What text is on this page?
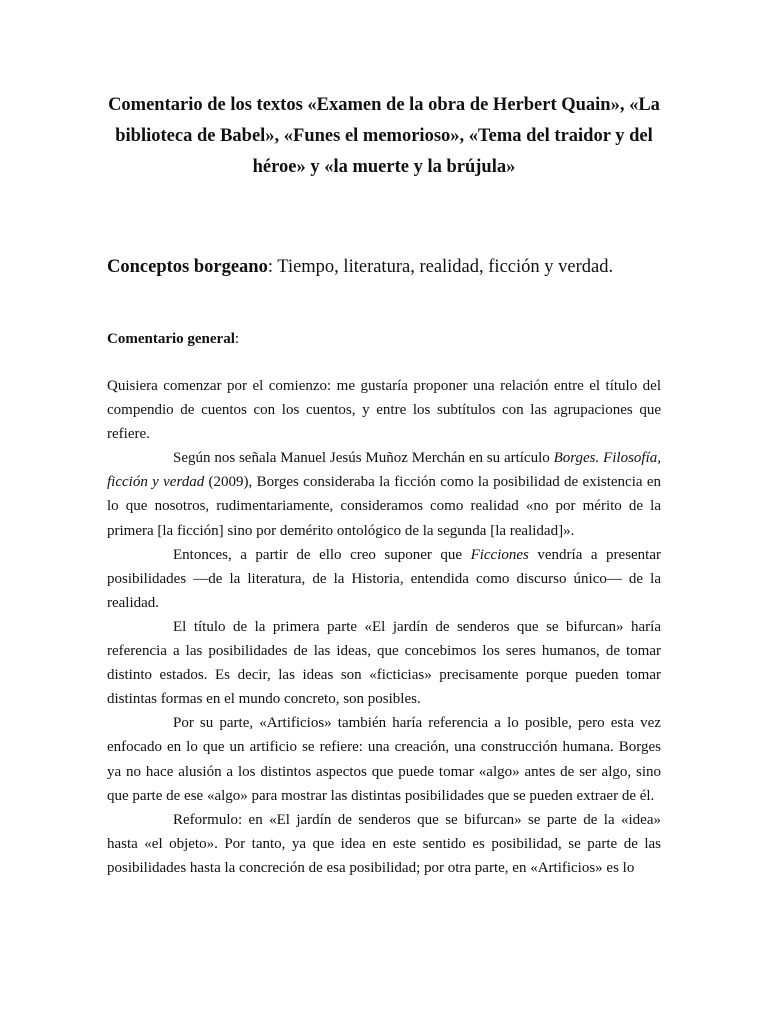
Comentario de los textos «Examen de la obra de Herbert Quain», «La biblioteca de Babel», «Funes el memorioso», «Tema del traidor y del héroe» y «la muerte y la brújula»

Conceptos borgeano: Tiempo, literatura, realidad, ficción y verdad.

Comentario general:

Quisiera comenzar por el comienzo: me gustaría proponer una relación entre el título del compendio de cuentos con los cuentos, y entre los subtítulos con las agrupaciones que refiere.

Según nos señala Manuel Jesús Muñoz Merchán en su artículo Borges. Filosofía, ficción y verdad (2009), Borges consideraba la ficción como la posibilidad de existencia en lo que nosotros, rudimentariamente, consideramos como realidad «no por mérito de la primera [la ficción] sino por demérito ontológico de la segunda [la realidad]».

Entonces, a partir de ello creo suponer que Ficciones vendría a presentar posibilidades —de la literatura, de la Historia, entendida como discurso único— de la realidad.

El título de la primera parte «El jardín de senderos que se bifurcan» haría referencia a las posibilidades de las ideas, que concebimos los seres humanos, de tomar distinto estados. Es decir, las ideas son «ficticias» precisamente porque pueden tomar distintas formas en el mundo concreto, son posibles.

Por su parte, «Artificios» también haría referencia a lo posible, pero esta vez enfocado en lo que un artificio se refiere: una creación, una construcción humana. Borges ya no hace alusión a los distintos aspectos que puede tomar «algo» antes de ser algo, sino que parte de ese «algo» para mostrar las distintas posibilidades que se pueden extraer de él.

Reformulo: en «El jardín de senderos que se bifurcan» se parte de la «idea» hasta «el objeto». Por tanto, ya que idea en este sentido es posibilidad, se parte de las posibilidades hasta la concreción de esa posibilidad; por otra parte, en «Artificios» es lo
